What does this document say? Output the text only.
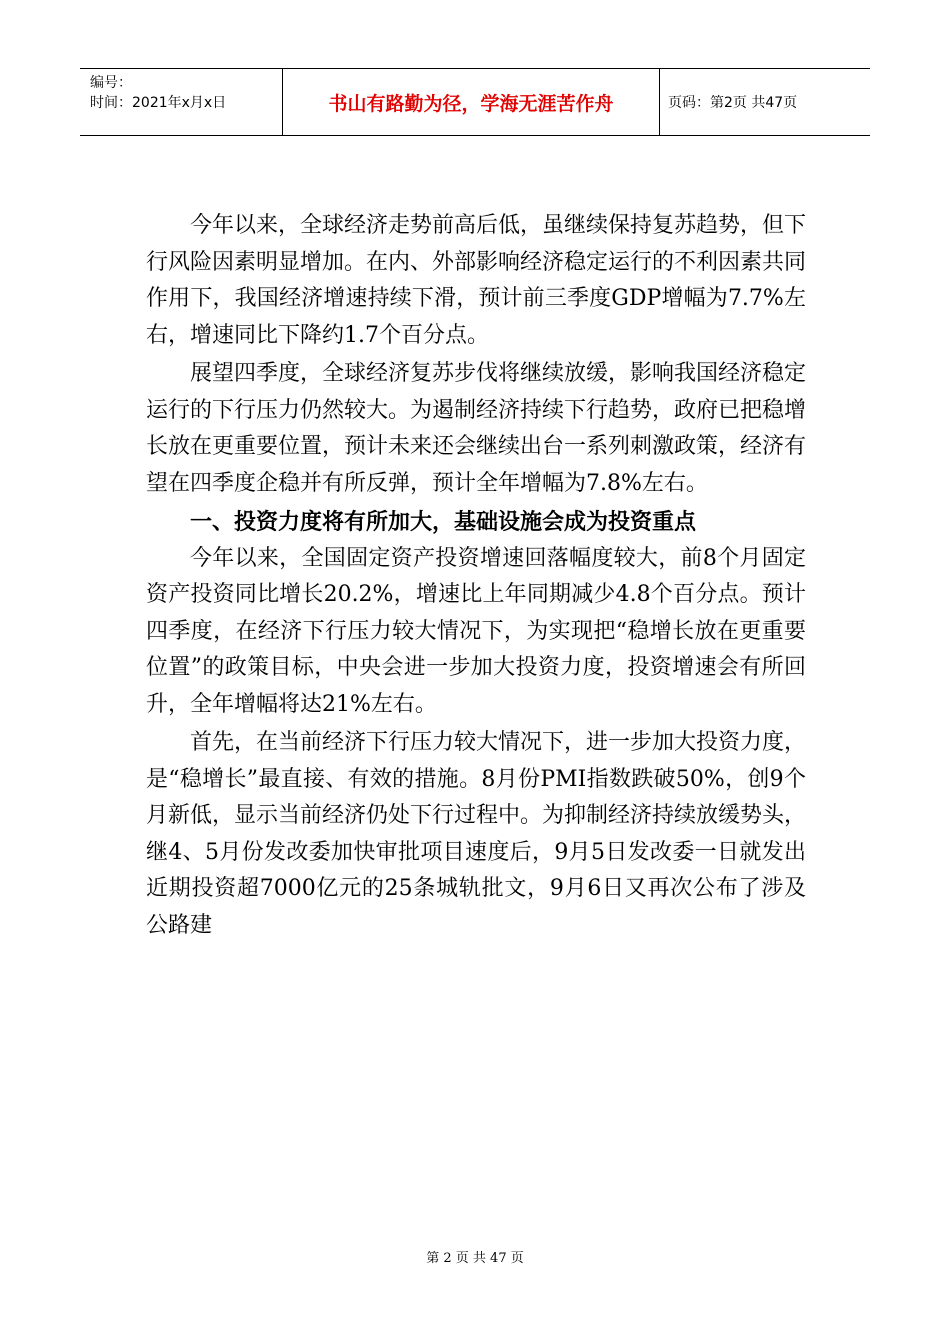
编号：
时间：2021年x月x日	书山有路勤为径，学海无涯苦作舟	页码：第2页 共47页

今年以来，全球经济走势前高后低，虽继续保持复苏趋势，但下行风险因素明显增加。在内、外部影响经济稳定运行的不利因素共同作用下，我国经济增速持续下滑，预计前三季度GDP增幅为7.7%左右，增速同比下降约1.7个百分点。

展望四季度，全球经济复苏步伐将继续放缓，影响我国经济稳定运行的下行压力仍然较大。为遏制经济持续下行趋势，政府已把稳增长放在更重要位置，预计未来还会继续出台一系列刺激政策，经济有望在四季度企稳并有所反弹，预计全年增幅为7.8%左右。

一、投资力度将有所加大，基础设施会成为投资重点

今年以来，全国固定资产投资增速回落幅度较大，前8个月固定资产投资同比增长20.2%，增速比上年同期减少4.8个百分点。预计四季度，在经济下行压力较大情况下，为实现把“稳增长放在更重要位置”的政策目标，中央会进一步加大投资力度，投资增速会有所回升，全年增幅将达21%左右。

首先，在当前经济下行压力较大情况下，进一步加大投资力度，是“稳增长”最直接、有效的措施。8月份PMI指数跌破50%，创9个月新低，显示当前经济仍处下行过程中。为抑制经济持续放缓势头，继4、5月份发改委加快审批项目速度后，9月5日发改委一日就发出近期投资超7000亿元的25条城轨批文，9月6日又再次公布了涉及公路建

第 2 页 共 47 页
